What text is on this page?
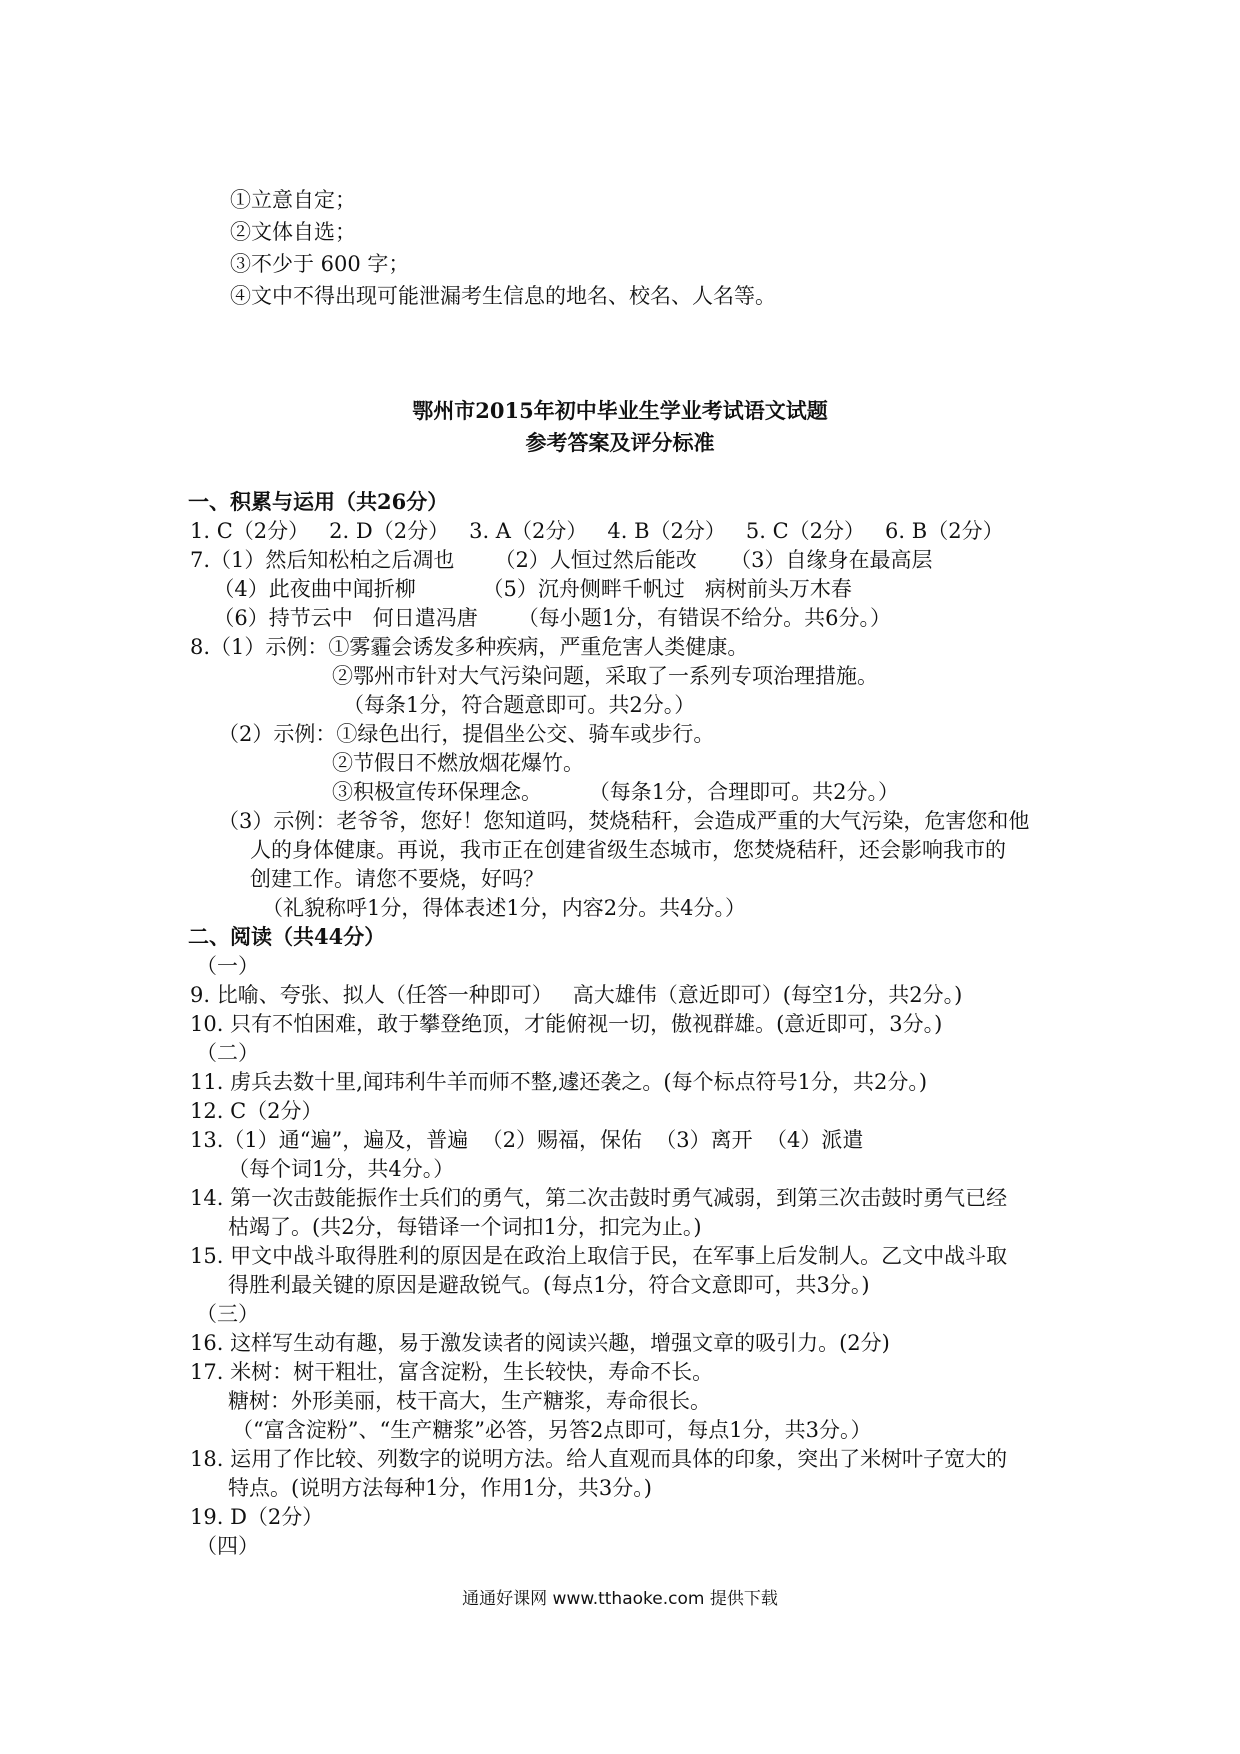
①立意自定；

②文体自选；

③不少于 600 字；

④文中不得出现可能泄漏考生信息的地名、校名、人名等。

鄂州市2015年初中毕业生学业考试语文试题

参考答案及评分标准

一、积累与运用（共26分）

1. C（2分）   2. D（2分）   3. A（2分）   4. B（2分）   5. C（2分）   6. B（2分）

7.（1）然后知松柏之后凋也      （2）人恒过然后能改     （3）自缘身在最高层

（4）此夜曲中闻折柳          （5）沉舟侧畔千帆过   病树前头万木春

（6）持节云中   何日遣冯唐      （每小题1分，有错误不给分。共6分。）

8.（1）示例：①雾霾会诱发多种疾病，严重危害人类健康。

②鄂州市针对大气污染问题，采取了一系列专项治理措施。

（每条1分，符合题意即可。共2分。）

（2）示例：①绿色出行，提倡坐公交、骑车或步行。

②节假日不燃放烟花爆竹。

③积极宣传环保理念。       （每条1分，合理即可。共2分。）

（3）示例：老爷爷，您好！您知道吗，焚烧秸秆，会造成严重的大气污染，危害您和他

人的身体健康。再说，我市正在创建省级生态城市，您焚烧秸秆，还会影响我市的

创建工作。请您不要烧，好吗？

（礼貌称呼1分，得体表述1分，内容2分。共4分。）

二、阅读（共44分）

（一）

9. 比喻、夸张、拟人（任答一种即可）   高大雄伟（意近即可）(每空1分，共2分。)

10. 只有不怕困难，敢于攀登绝顶，才能俯视一切，傲视群雄。(意近即可，3分。)

（二）

11. 虏兵去数十里,闻玮利牛羊而师不整,遽还袭之。(每个标点符号1分，共2分。)

12. C（2分）

13.（1）通“遍”，遍及，普遍  （2）赐福，保佑  （3）离开  （4）派遣

（每个词1分，共4分。）

14. 第一次击鼓能振作士兵们的勇气，第二次击鼓时勇气减弱，到第三次击鼓时勇气已经

枯竭了。(共2分，每错译一个词扣1分，扣完为止。)

15. 甲文中战斗取得胜利的原因是在政治上取信于民，在军事上后发制人。乙文中战斗取

得胜利最关键的原因是避敌锐气。(每点1分，符合文意即可，共3分。)

（三）

16. 这样写生动有趣，易于激发读者的阅读兴趣，增强文章的吸引力。(2分)

17. 米树：树干粗壮，富含淀粉，生长较快，寿命不长。

糖树：外形美丽，枝干高大，生产糖浆，寿命很长。

（“富含淀粉”、“生产糖浆”必答，另答2点即可，每点1分，共3分。）

18. 运用了作比较、列数字的说明方法。给人直观而具体的印象，突出了米树叶子宽大的

特点。(说明方法每种1分，作用1分，共3分。)

19. D（2分）

（四）

通通好课网 www.tthaoke.com 提供下载
